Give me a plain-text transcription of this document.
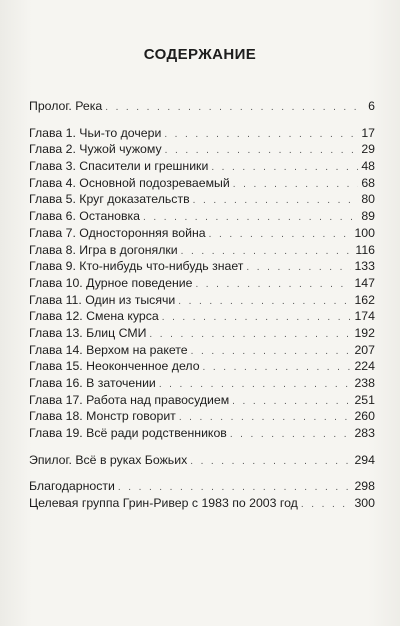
СОДЕРЖАНИЕ
Пролог. Река . . .	6
Глава 1. Чьи-то дочери . . .	17
Глава 2. Чужой чужому . . .	29
Глава 3. Спасители и грешники . . .	48
Глава 4. Основной подозреваемый . . .	68
Глава 5. Круг доказательств . . .	80
Глава 6. Остановка . . .	89
Глава 7. Односторонняя война . . .	100
Глава 8. Игра в догонялки . . .	116
Глава 9. Кто-нибудь что-нибудь знает . . .	133
Глава 10. Дурное поведение . . .	147
Глава 11. Один из тысячи . . .	162
Глава 12. Смена курса . . .	174
Глава 13. Блиц СМИ . . .	192
Глава 14. Верхом на ракете . . .	207
Глава 15. Неоконченное дело . . .	224
Глава 16. В заточении . . .	238
Глава 17. Работа над правосудием . . .	251
Глава 18. Монстр говорит . . .	260
Глава 19. Всё ради родственников . . .	283
Эпилог. Всё в руках Божьих . . .	294
Благодарности . . .	298
Целевая группа Грин-Ривер с 1983 по 2003 год . . .	300
